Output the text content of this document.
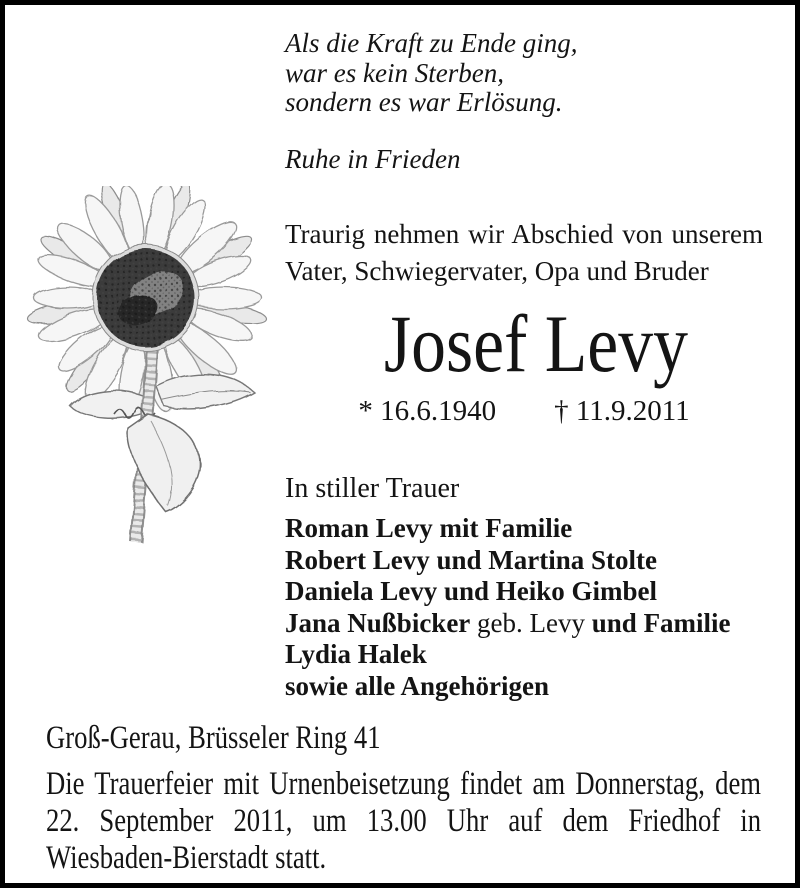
Als die Kraft zu Ende ging,
war es kein Sterben,
sondern es war Erlösung.
Ruhe in Frieden
Traurig nehmen wir Abschied von unserem
Vater, Schwiegervater, Opa und Bruder
Josef Levy
* 16.6.1940 † 11.9.2011
In stiller Trauer
Roman Levy mit Familie
Robert Levy und Martina Stolte
Daniela Levy und Heiko Gimbel
Jana Nußbicker geb. Levy und Familie
Lydia Halek
sowie alle Angehörigen
Groß-Gerau, Brüsseler Ring 41
Die Trauerfeier mit Urnenbeisetzung findet am Donnerstag, dem
22. September 2011, um 13.00 Uhr auf dem Friedhof in
Wiesbaden-Bierstadt statt.
